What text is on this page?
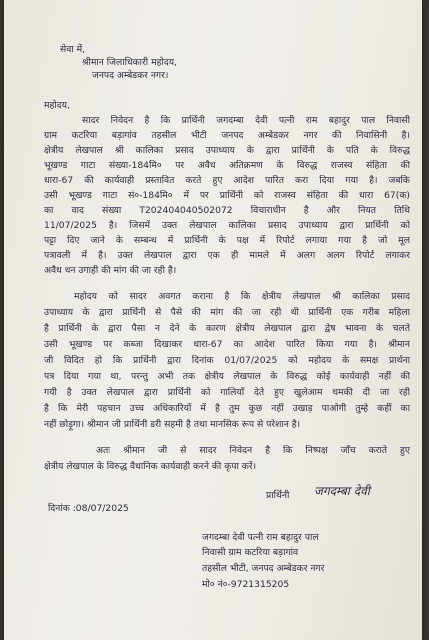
सेवा में,
श्रीमान जिलाधिकारी महोदय,
जनपद अम्बेडकर नगर।
महोदय,
सादर निवेदन है कि प्रार्थिनी जगदम्बा देवी पत्नी राम बहादुर पाल निवासी
ग्राम कटरिया बड़ागांव तहसील भीटी जनपद अम्बेडकर नगर की निवासिनी है।
क्षेत्रीय लेखपाल श्री कालिका प्रसाद उपाध्याय के द्वारा प्रार्थिनी के पति के विरुद्ध
भूखण्ड गाटा संख्या-184मि० पर अवैध अतिक्रमण के विरुद्ध राजस्व संहिता की
धारा-67 की कार्यवाही प्रस्तावित करते हुए आदेश पारित करा दिया गया है। जबकि
उसी भूखण्ड गाटा सं०-184मि० में पर प्रार्थिनी को राजस्व संहिता की धारा 67(क)
का वाद संख्या T202404040502072 विचाराधीन है और नियत तिथि
11/07/2025 है। जिसमें उक्त लेखपाल कालिका प्रसाद उपाध्याय द्वारा प्रार्थिनी को
पट्टा दिए जाने के सम्बन्ध में प्रार्थिनी के पक्ष में रिपोर्ट लगाया गया है जो मूल
पत्रावली में है। उक्त लेखपाल द्वारा एक ही मामले में अलग अलग रिपोर्ट लगाकर
अवैध धन उगाही की मांग की जा रही है।
महोदय को सादर अवगत कराना है कि क्षेत्रीय लेखपाल श्री कालिका प्रसाद
उपाध्याय के द्वारा प्रार्थिनी से पैसे की मांग की जा रही थी प्रार्थिनी एक गरीब महिला
है प्रार्थिनी के द्वारा पैसा न देने के कारण क्षेत्रीय लेखपाल द्वारा द्वेष भावना के चलते
उसी भूखण्ड पर कब्जा दिखाकर धारा-67 का आदेश पारित किया गया है। श्रीमान
जी विदित हो कि प्रार्थिनी द्वारा दिनांक 01/07/2025 को महोदय के समक्ष प्रार्थना
पत्र दिया गया था, परन्तु अभी तक क्षेत्रीय लेखपाल के विरुद्ध कोई कार्यवाही नहीं की
गयी है उक्त लेखपाल द्वारा प्रार्थिनी को गालियाँ देते हुए खुलेआम धमकी दी जा रही
है कि मेरी पहचान उच्च अधिकारियों में है तुम कुछ नहीं उखाड़ पाओगी तुम्हे कहीं का
नहीं छोड़ूगा। श्रीमान जी प्रार्थिनी डरी सहमी है तथा मानसिक रूप से परेशान है।
अतः श्रीमान जी से सादर निवेदन है कि निष्पक्ष जाँच कराते हुए
क्षेत्रीय लेखपाल के विरुद्ध वैधानिक कार्यवाही करने की कृपा करें।
प्रार्थिनी जगदम्बा देवी
दिनांक :08/07/2025
जगदम्बा देवी पत्नी राम बहादुर पाल
निवासी ग्राम कटरिया बड़ागांव
तहसील भीटी, जनपद अम्बेडकर नगर
मो० नं०-9721315205
